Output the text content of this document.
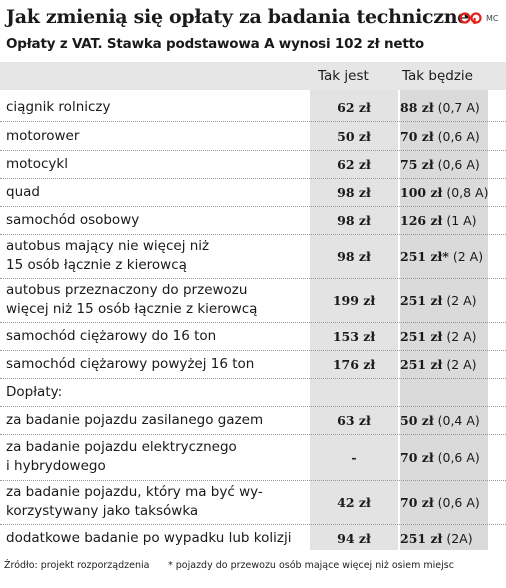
Jak zmienią się opłaty za badania techniczne
Opłaty z VAT. Stawka podstawowa A wynosi 102 zł netto
MC
Tak jest Tak będzie
ciągnik rolniczy	62 zł	88 zł (0,7 A)
motorower	50 zł	70 zł (0,6 A)
motocykl	62 zł	75 zł (0,6 A)
quad	98 zł	100 zł (0,8 A)
samochód osobowy	98 zł	126 zł (1 A)
autobus mający nie więcej niż
15 osób łącznie z kierowcą
98 zł	251 zł* (2 A)
autobus przeznaczony do przewozu
więcej niż 15 osób łącznie z kierowcą
199 zł	251 zł (2 A)
samochód ciężarowy do 16 ton	153 zł	251 zł (2 A)
samochód ciężarowy powyżej 16 ton	176 zł	251 zł (2 A)
Dopłaty:
za badanie pojazdu zasilanego gazem	63 zł	50 zł (0,4 A)
za badanie pojazdu elektrycznego
i hybrydowego
-	70 zł (0,6 A)
za badanie pojazdu, który ma być wy-
korzystywany jako taksówka
42 zł	70 zł (0,6 A)
dodatkowe badanie po wypadku lub kolizji	94 zł	251 zł (2A)
Źródło: projekt rozporządzenia * pojazdy do przewozu osób mające więcej niż osiem miejsc
